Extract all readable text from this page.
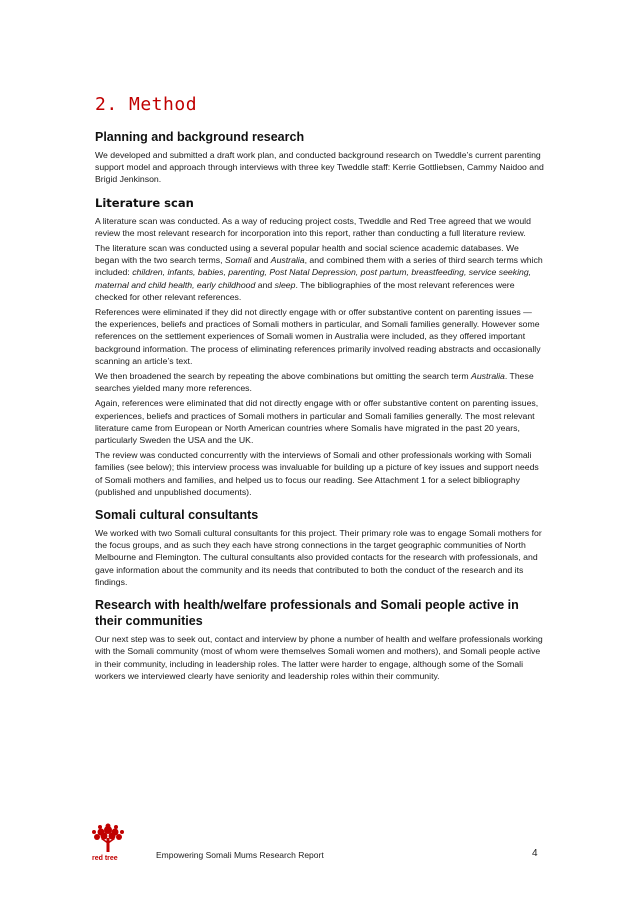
2. Method
Planning and background research

We developed and submitted a draft work plan, and conducted background research on Tweddle’s current parenting support model and approach through interviews with three key Tweddle staff: Kerrie Gottliebsen, Cammy Naidoo and Brigid Jenkinson.

Literature scan

A literature scan was conducted. As a way of reducing project costs, Tweddle and Red Tree agreed that we would review the most relevant research for incorporation into this report, rather than conducting a full literature review.

The literature scan was conducted using a several popular health and social science academic databases. We began with the two search terms, Somali and Australia, and combined them with a series of third search terms which included: children, infants, babies, parenting, Post Natal Depression, post partum, breastfeeding, service seeking, maternal and child health, early childhood and sleep. The bibliographies of the most relevant references were checked for other relevant references.

References were eliminated if they did not directly engage with or offer substantive content on parenting issues — the experiences, beliefs and practices of Somali mothers in particular, and Somali families generally. However some references on the settlement experiences of Somali women in Australia were included, as they offered important background information. The process of eliminating references primarily involved reading abstracts and occasionally scanning an article’s text.

We then broadened the search by repeating the above combinations but omitting the search term Australia. These searches yielded many more references.

Again, references were eliminated that did not directly engage with or offer substantive content on parenting issues, experiences, beliefs and practices of Somali mothers in particular and Somali families generally. The most relevant literature came from European or North American countries where Somalis have migrated in the past 20 years, particularly Sweden the USA and the UK.

The review was conducted concurrently with the interviews of Somali and other professionals working with Somali families (see below); this interview process was invaluable for building up a picture of key issues and support needs of Somali mothers and families, and helped us to focus our reading. See Attachment 1 for a select bibliography (published and unpublished documents).

Somali cultural consultants

We worked with two Somali cultural consultants for this project. Their primary role was to engage Somali mothers for the focus groups, and as such they each have strong connections in the target geographic communities of North Melbourne and Flemington. The cultural consultants also provided contacts for the research with professionals, and gave information about the community and its needs that contributed to both the conduct of the research and its findings.

Research with health/welfare professionals and Somali people active in their communities

Our next step was to seek out, contact and interview by phone a number of health and welfare professionals working with the Somali community (most of whom were themselves Somali women and mothers), and Somali people active in their community, including in leadership roles. The latter were harder to engage, although some of the Somali workers we interviewed clearly have seniority and leadership roles within their community.

red tree	Empowering Somali Mums Research Report	4
